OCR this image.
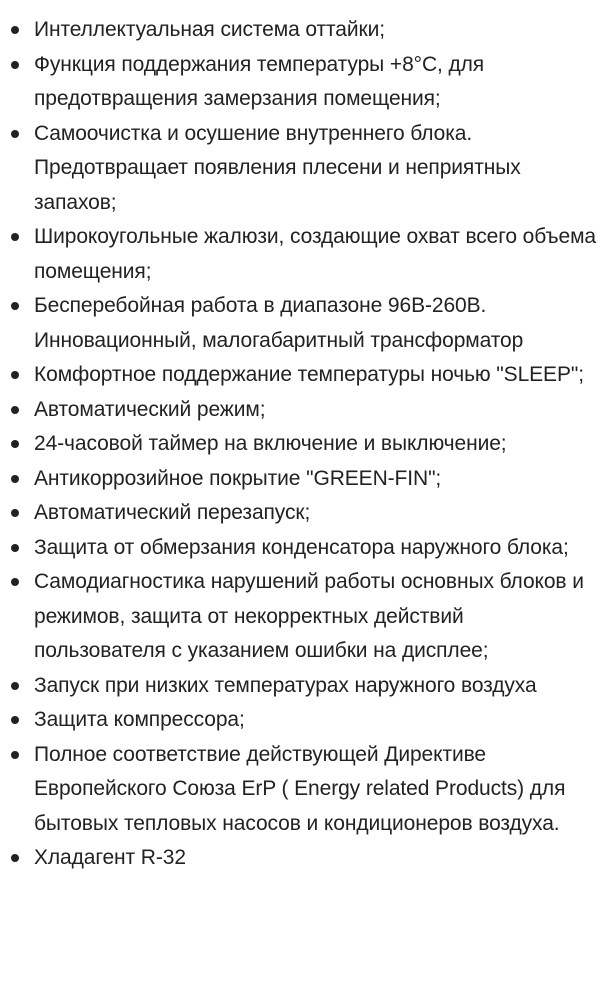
Интеллектуальная система оттайки;
Функция поддержания температуры +8°С, для предотвращения замерзания помещения;
Самоочистка и осушение внутреннего блока. Предотвращает появления плесени и неприятных запахов;
Широкоугольные жалюзи, создающие охват всего объема помещения;
Бесперебойная работа в диапазоне 96В-260В. Инновационный, малогабаритный трансформатор
Комфортное поддержание температуры ночью "SLEEP";
Автоматический режим;
24-часовой таймер на включение и выключение;
Антикоррозийное покрытие "GREEN-FIN";
Автоматический перезапуск;
Защита от обмерзания конденсатора наружного блока;
Самодиагностика нарушений работы основных блоков и режимов, защита от некорректных действий пользователя с указанием ошибки на дисплее;
Запуск при низких температурах наружного воздуха
Защита компрессора;
Полное соответствие действующей Директиве Европейского Союза ErP ( Energy related Products) для бытовых тепловых насосов и кондиционеров воздуха.
Хладагент R-32
